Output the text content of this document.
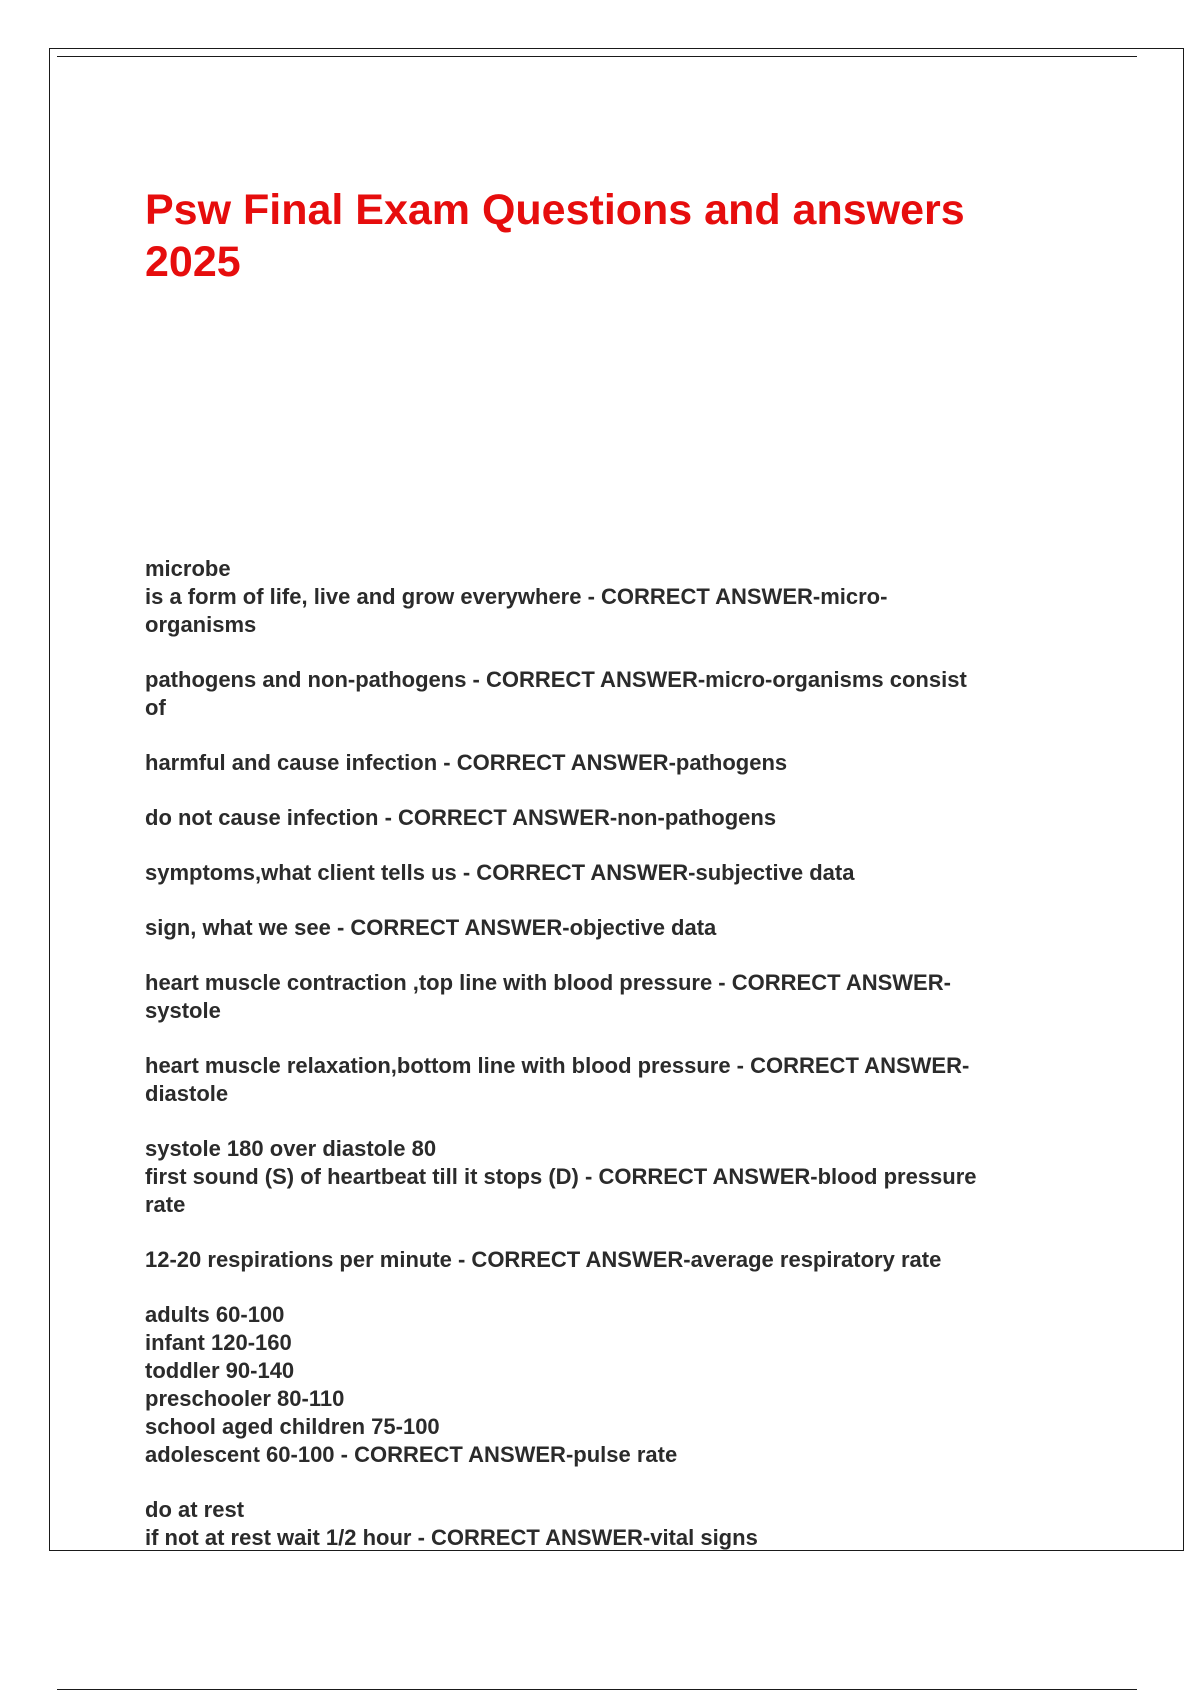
Psw Final Exam Questions and answers
2025

microbe
is a form of life, live and grow everywhere - CORRECT ANSWER-micro-
organisms

pathogens and non-pathogens - CORRECT ANSWER-micro-organisms consist
of

harmful and cause infection - CORRECT ANSWER-pathogens

do not cause infection - CORRECT ANSWER-non-pathogens

symptoms,what client tells us - CORRECT ANSWER-subjective data

sign, what we see - CORRECT ANSWER-objective data

heart muscle contraction ,top line with blood pressure - CORRECT ANSWER-
systole

heart muscle relaxation,bottom line with blood pressure - CORRECT ANSWER-
diastole

systole 180 over diastole 80
first sound (S) of heartbeat till it stops (D) - CORRECT ANSWER-blood pressure
rate

12-20 respirations per minute - CORRECT ANSWER-average respiratory rate

adults 60-100
infant 120-160
toddler 90-140
preschooler 80-110
school aged children 75-100
adolescent 60-100 - CORRECT ANSWER-pulse rate

do at rest
if not at rest wait 1/2 hour - CORRECT ANSWER-vital signs
